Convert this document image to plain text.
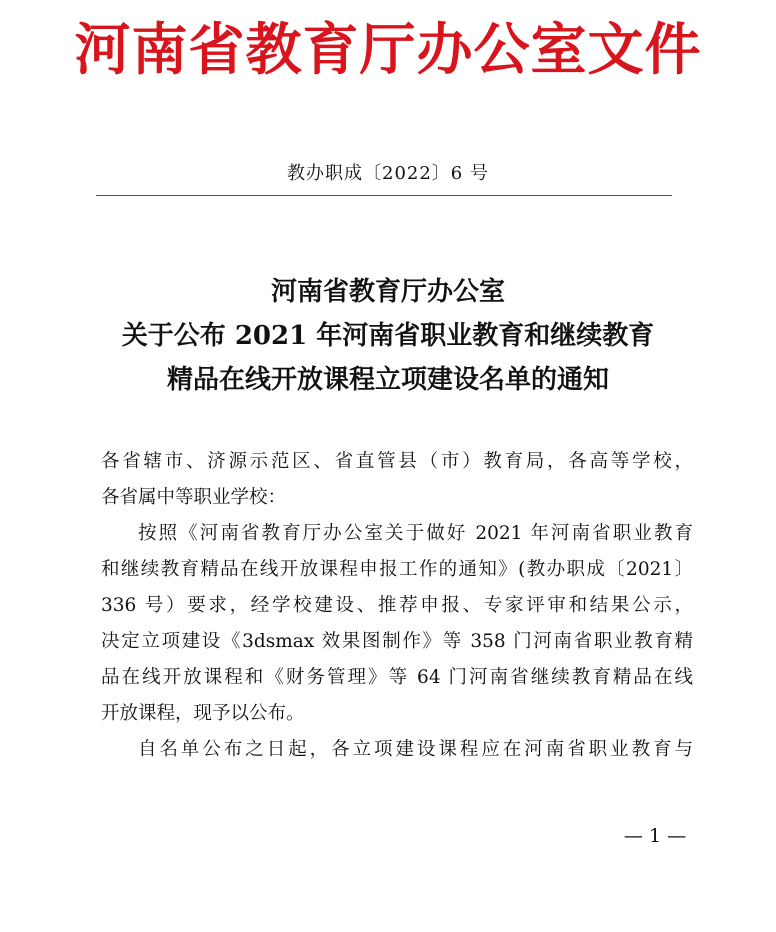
河南省教育厅办公室文件
教办职成〔2022〕6 号
河南省教育厅办公室
关于公布 2021 年河南省职业教育和继续教育
精品在线开放课程立项建设名单的通知

各省辖市、济源示范区、省直管县（市）教育局，各高等学校，
各省属中等职业学校：

按照《河南省教育厅办公室关于做好 2021 年河南省职业教育
和继续教育精品在线开放课程申报工作的通知》(教办职成〔2021〕
336 号）要求，经学校建设、推荐申报、专家评审和结果公示，
决定立项建设《3dsmax 效果图制作》等 358 门河南省职业教育精
品在线开放课程和《财务管理》等 64 门河南省继续教育精品在线
开放课程，现予以公布。

自名单公布之日起，各立项建设课程应在河南省职业教育与

— 1 —
